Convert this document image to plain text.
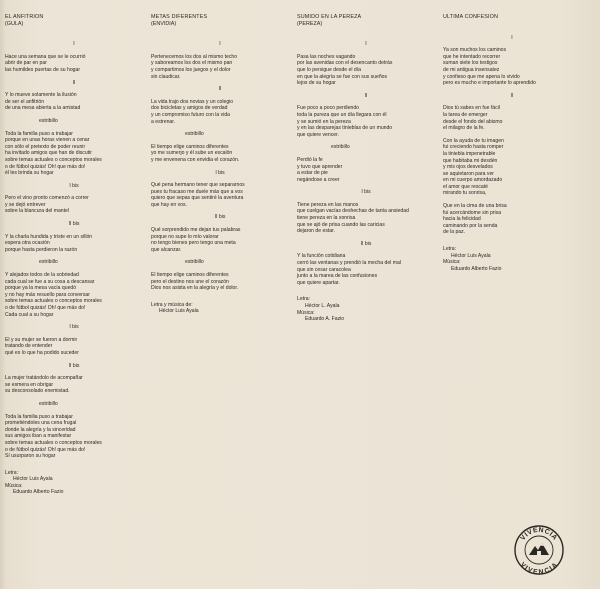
EL ANFITRION
(GULA)
I
Hace una semana que se le ocurrió
abrir de par en par
las humildes puertas de su hogar
II
Y lo mueve solamente la ilusión
de ser el anfitrión
de una mesa abierta a la amistad
estribillo
Toda la familia puso a trabajar
porque en unas horas vienen a cenar
con sólo el pretexto de poder reunir
ha invitado amigos que han de discutir
sobre temas actuales o conceptos morales
o de fútbol quizás! Oh! que más do!
él les brinda su hogar
I bis
Pero el vino pronto comenzó a correr
y se dejó entrever
sobre la blancura del mantel
II bis
Y la charla hundida y triste en un sillón
espera otra ocasión
porque hasta perdieron la razón
estribillo
Y alejados todos de la sobriedad
cada cual se fue a su cosa a descansar
porque ya la mesa vacía quedó
y no hay más resuello para conversar
sobre temas actuales o conceptos morales
o de fútbol quizás! Oh! que más do!
Cada cual a su hogar
I bis
El y su mujer se fueron a dormir
tratando de entender
qué es lo que ha podido suceder
II bis
La mujer tratándolo de acompañar
se esmera en obrigar
su desconsolado enemistad.
estribillo
Toda la familia puso a trabajar
prometiéndoles una cena frugal
donde la alegría y la sinceridad
sus amigos iban a manifestar
sobre temas actuales o conceptos morales
o de fútbol quizás! Oh! que más do!
Sí usurparon su hogar
Letra:
Héctor Luis Ayala
Música:
Eduardo Alberto Fazio
METAS DIFERENTES
(ENVIDIA)
I
Pertenecemos los dos al mismo techo
y saboreamos los dos el mismo pan
y compartimos los juegos y el dolor
sin claudicar.
II
La vida trajo dos novias y un colegio
dos bicicletas y amigos de verdad
y un compromiso futuro con la vida
a estrenar.
estribillo
El tiempo elige caminos diferentes
yo me sumerjo y él sube un escalón
y me envenena con envidia el corazón.
I bis
Qué pena hermano tener que separarnos
pues tu fracaso me duele más que a vos
quiero que sepas que sentiré la aventura
que hay en vos.
II bis
Qué sorprendido me dejan tus palabras
porque no supe lo mío valorar
no tengo bienes pero tengo una meta
que alcanzar.
estribillo
El tiempo elige caminos diferentes
pero el destino nos une el corazón
Dios nos asista en la alegría y el dolor.
Letra y música de:
Héctor Luis Ayala
SUMIDO EN LA PEREZA
(PEREZA)
I
Pasa las noches vagando
por las avenidas con el desencanto detrás
que lo persigue desde el día
en que la alegría se fue con sus sueños
lejos de su hogar
II
Fue poco a poco perdiendo
toda la pureza que un día llegara con él
y se sumió en la pereza
y en las desparejas tinieblas de un mundo
que quiere vencer.
estribillo
Perdió la fe
y tuvo que aprender
a estar de pie
negándose a creer
I bis
Tiene pereza en las manos
que cuelgan vacías deshechas de tanta ansiedad
tiene pereza en la sonrisa
que se ajó de prisa cuando las caricias
dejaron de estar.
II bis
Y la función cotidiana
cerró las ventanas y prendió la mecha del mal
que sin cesar caracolea
junto a la marea de las confusiones
que quiere apartar.
Letra:
Héctor L. Ayala
Música:
Eduardo A. Fazio
ULTIMA CONFESION
I
Ya son muchos los caminos
que he intentado recorrer
suman siete los testigos
de mi antigua insensatez
y confieso que me apena lo vivido
pero es mucho e importante lo aprendido
II
Dios tú sabes en fue fácil
la tarea de emerger
desde el fondo del abismo
el milagro de la fe.
Con la ayuda de tu imagen
fui creciendo hasta romper
la tiniebla impenetrable
que habitaba mi desdén
y mis ojos desvelados
se aquietaron para ver
en mi cuerpo amordazado
el amor que rescaté
mirando tu sonrisa,
Que en la cima de una brisa
fui acercándome sin prisa
hacia la felicidad
caminando por la senda
de la paz.
Letra:
Héctor Luis Ayala
Música:
Eduardo Alberto Fazio
VIVENCIA
VIVENCIA
